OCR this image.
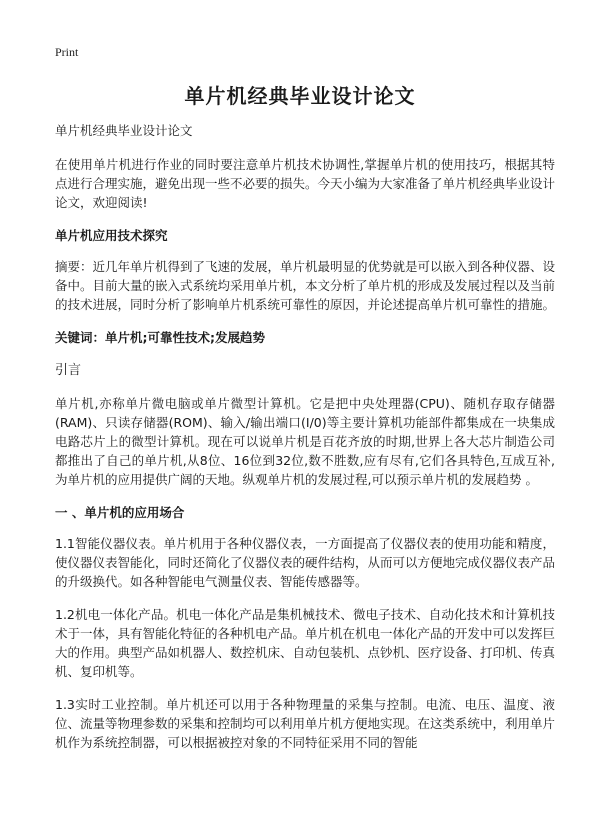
Print
单片机经典毕业设计论文

单片机经典毕业设计论文

在使用单片机进行作业的同时要注意单片机技术协调性,掌握单片机的使用技巧，根据其特点进行合理实施，避免出现一些不必要的损失。今天小编为大家准备了单片机经典毕业设计论文，欢迎阅读!

单片机应用技术探究

摘要：近几年单片机得到了飞速的发展，单片机最明显的优势就是可以嵌入到各种仪器、设备中。目前大量的嵌入式系统均采用单片机，本文分析了单片机的形成及发展过程以及当前的技术进展，同时分析了影响单片机系统可靠性的原因，并论述提高单片机可靠性的措施。

关键词：单片机;可靠性技术;发展趋势

引言

单片机,亦称单片微电脑或单片微型计算机。它是把中央处理器(CPU)、随机存取存储器(RAM)、只读存储器(ROM)、输入/输出端口(I/0)等主要计算机功能部件都集成在一块集成电路芯片上的微型计算机。现在可以说单片机是百花齐放的时期,世界上各大芯片制造公司都推出了自己的单片机,从8位、16位到32位,数不胜数,应有尽有,它们各具特色,互成互补,为单片机的应用提供广阔的天地。纵观单片机的发展过程,可以预示单片机的发展趋势 。

一 、单片机的应用场合

1.1智能仪器仪表。单片机用于各种仪器仪表，一方面提高了仪器仪表的使用功能和精度，使仪器仪表智能化，同时还简化了仪器仪表的硬件结构，从而可以方便地完成仪器仪表产品的升级换代。如各种智能电气测量仪表、智能传感器等。

1.2机电一体化产品。机电一体化产品是集机械技术、微电子技术、自动化技术和计算机技术于一体，具有智能化特征的各种机电产品。单片机在机电一体化产品的开发中可以发挥巨大的作用。典型产品如机器人、数控机床、自动包装机、点钞机、医疗设备、打印机、传真机、复印机等。

1.3实时工业控制。单片机还可以用于各种物理量的采集与控制。电流、电压、温度、液位、流量等物理参数的采集和控制均可以利用单片机方便地实现。在这类系统中，利用单片机作为系统控制器，可以根据被控对象的不同特征采用不同的智能
